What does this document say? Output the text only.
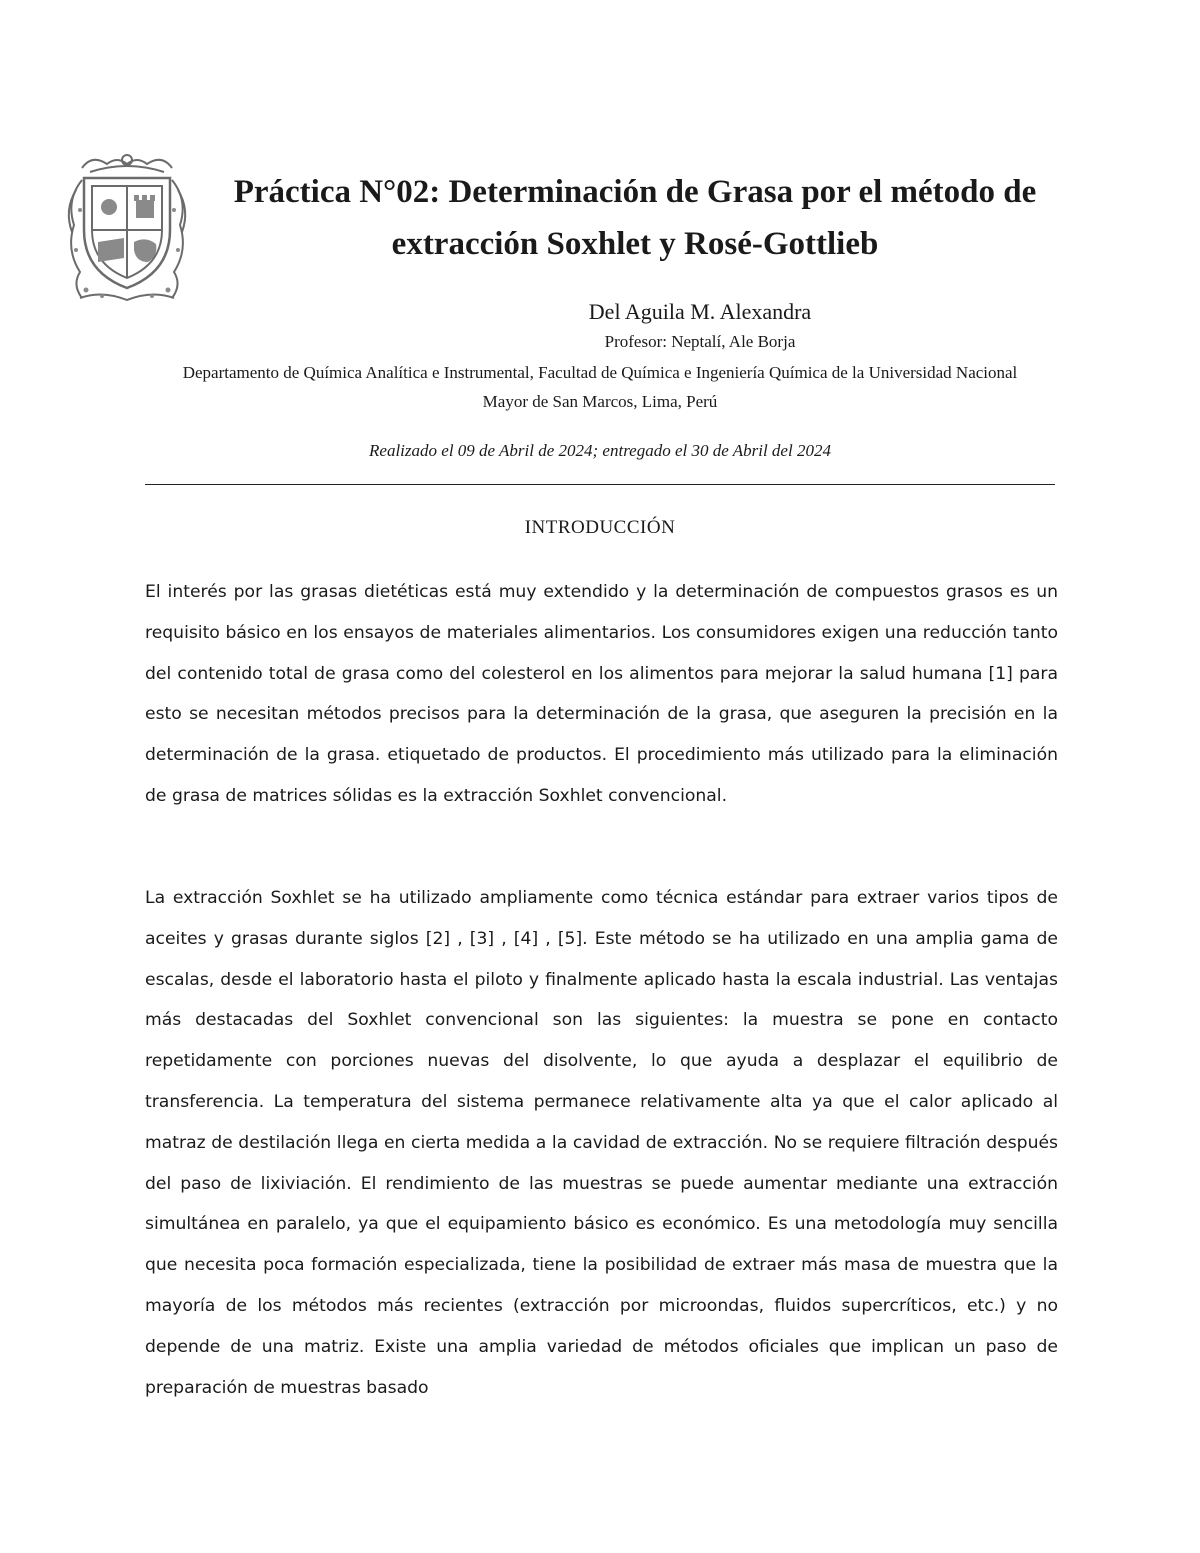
Práctica N°02: Determinación de Grasa por el método de extracción Soxhlet y Rosé-Gottlieb
Del Aguila M. Alexandra
Profesor: Neptalí, Ale Borja
Departamento de Química Analítica e Instrumental, Facultad de Química e Ingeniería Química de la Universidad Nacional Mayor de San Marcos, Lima, Perú
Realizado el 09 de Abril de 2024; entregado el 30 de Abril del 2024
INTRODUCCIÓN

El interés por las grasas dietéticas está muy extendido y la determinación de compuestos grasos es un requisito básico en los ensayos de materiales alimentarios. Los consumidores exigen una reducción tanto del contenido total de grasa como del colesterol en los alimentos para mejorar la salud humana [1] para esto se necesitan métodos precisos para la determinación de la grasa, que aseguren la precisión en la determinación de la grasa. etiquetado de productos. El procedimiento más utilizado para la eliminación de grasa de matrices sólidas es la extracción Soxhlet convencional.

La extracción Soxhlet se ha utilizado ampliamente como técnica estándar para extraer varios tipos de aceites y grasas durante siglos [2] , [3] , [4] , [5]. Este método se ha utilizado en una amplia gama de escalas, desde el laboratorio hasta el piloto y finalmente aplicado hasta la escala industrial. Las ventajas más destacadas del Soxhlet convencional son las siguientes: la muestra se pone en contacto repetidamente con porciones nuevas del disolvente, lo que ayuda a desplazar el equilibrio de transferencia. La temperatura del sistema permanece relativamente alta ya que el calor aplicado al matraz de destilación llega en cierta medida a la cavidad de extracción. No se requiere filtración después del paso de lixiviación. El rendimiento de las muestras se puede aumentar mediante una extracción simultánea en paralelo, ya que el equipamiento básico es económico. Es una metodología muy sencilla que necesita poca formación especializada, tiene la posibilidad de extraer más masa de muestra que la mayoría de los métodos más recientes (extracción por microondas, fluidos supercríticos, etc.) y no depende de una matriz. Existe una amplia variedad de métodos oficiales que implican un paso de preparación de muestras basado
